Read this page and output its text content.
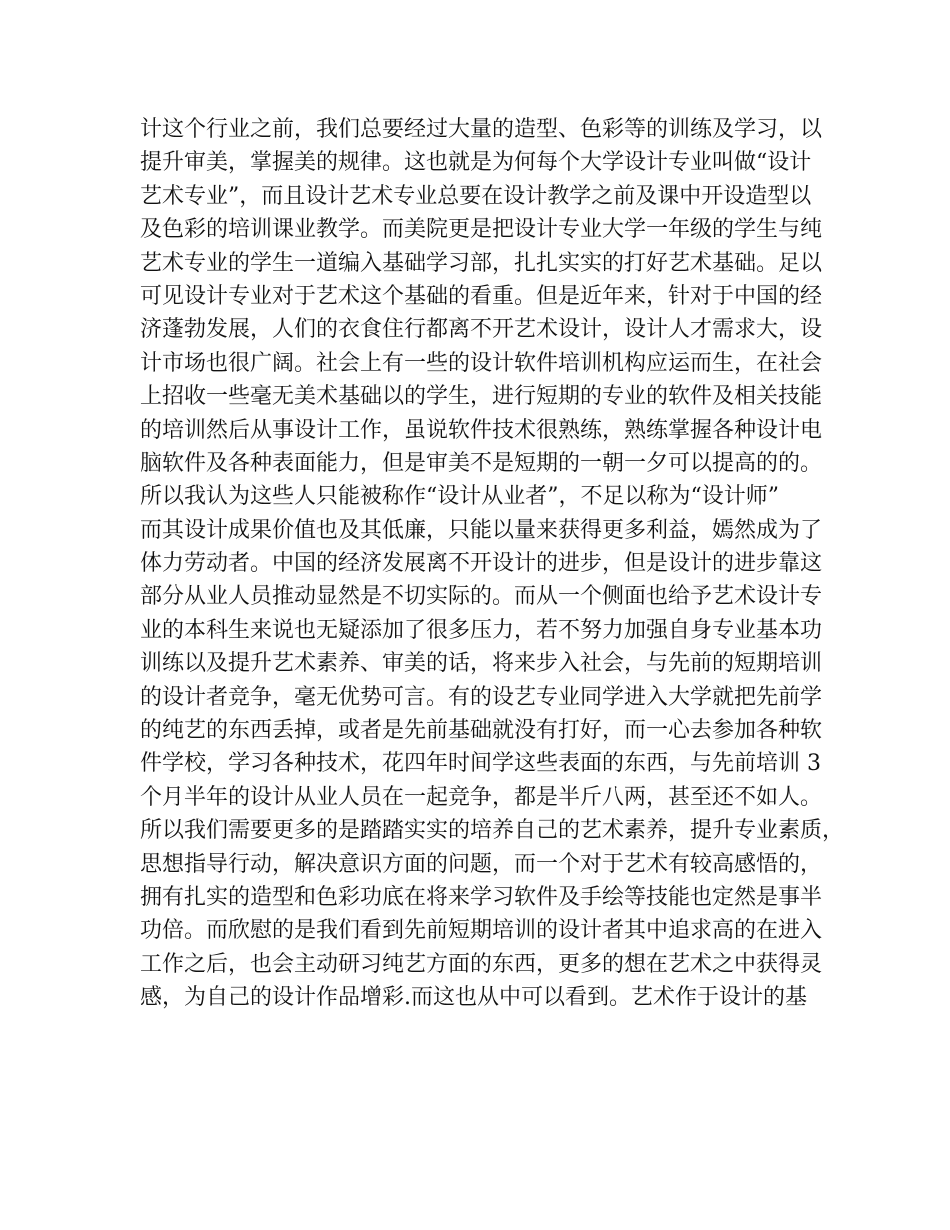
计这个行业之前，我们总要经过大量的造型、色彩等的训练及学习，以
提升审美，掌握美的规律。这也就是为何每个大学设计专业叫做“设计
艺术专业”，而且设计艺术专业总要在设计教学之前及课中开设造型以
及色彩的培训课业教学。而美院更是把设计专业大学一年级的学生与纯
艺术专业的学生一道编入基础学习部，扎扎实实的打好艺术基础。足以
可见设计专业对于艺术这个基础的看重。但是近年来，针对于中国的经
济蓬勃发展，人们的衣食住行都离不开艺术设计，设计人才需求大，设
计市场也很广阔。社会上有一些的设计软件培训机构应运而生，在社会
上招收一些毫无美术基础以的学生，进行短期的专业的软件及相关技能
的培训然后从事设计工作，虽说软件技术很熟练，熟练掌握各种设计电
脑软件及各种表面能力，但是审美不是短期的一朝一夕可以提高的的。
所以我认为这些人只能被称作“设计从业者”，不足以称为“设计师”
而其设计成果价值也及其低廉，只能以量来获得更多利益，嫣然成为了
体力劳动者。中国的经济发展离不开设计的进步，但是设计的进步靠这
部分从业人员推动显然是不切实际的。而从一个侧面也给予艺术设计专
业的本科生来说也无疑添加了很多压力，若不努力加强自身专业基本功
训练以及提升艺术素养、审美的话，将来步入社会，与先前的短期培训
的设计者竞争，毫无优势可言。有的设艺专业同学进入大学就把先前学
的纯艺的东西丢掉，或者是先前基础就没有打好，而一心去参加各种软
件学校，学习各种技术，花四年时间学这些表面的东西，与先前培训 3
个月半年的设计从业人员在一起竞争，都是半斤八两，甚至还不如人。
所以我们需要更多的是踏踏实实的培养自己的艺术素养，提升专业素质，
思想指导行动，解决意识方面的问题，而一个对于艺术有较高感悟的，
拥有扎实的造型和色彩功底在将来学习软件及手绘等技能也定然是事半
功倍。而欣慰的是我们看到先前短期培训的设计者其中追求高的在进入
工作之后，也会主动研习纯艺方面的东西，更多的想在艺术之中获得灵
感，为自己的设计作品增彩.而这也从中可以看到。艺术作于设计的基
